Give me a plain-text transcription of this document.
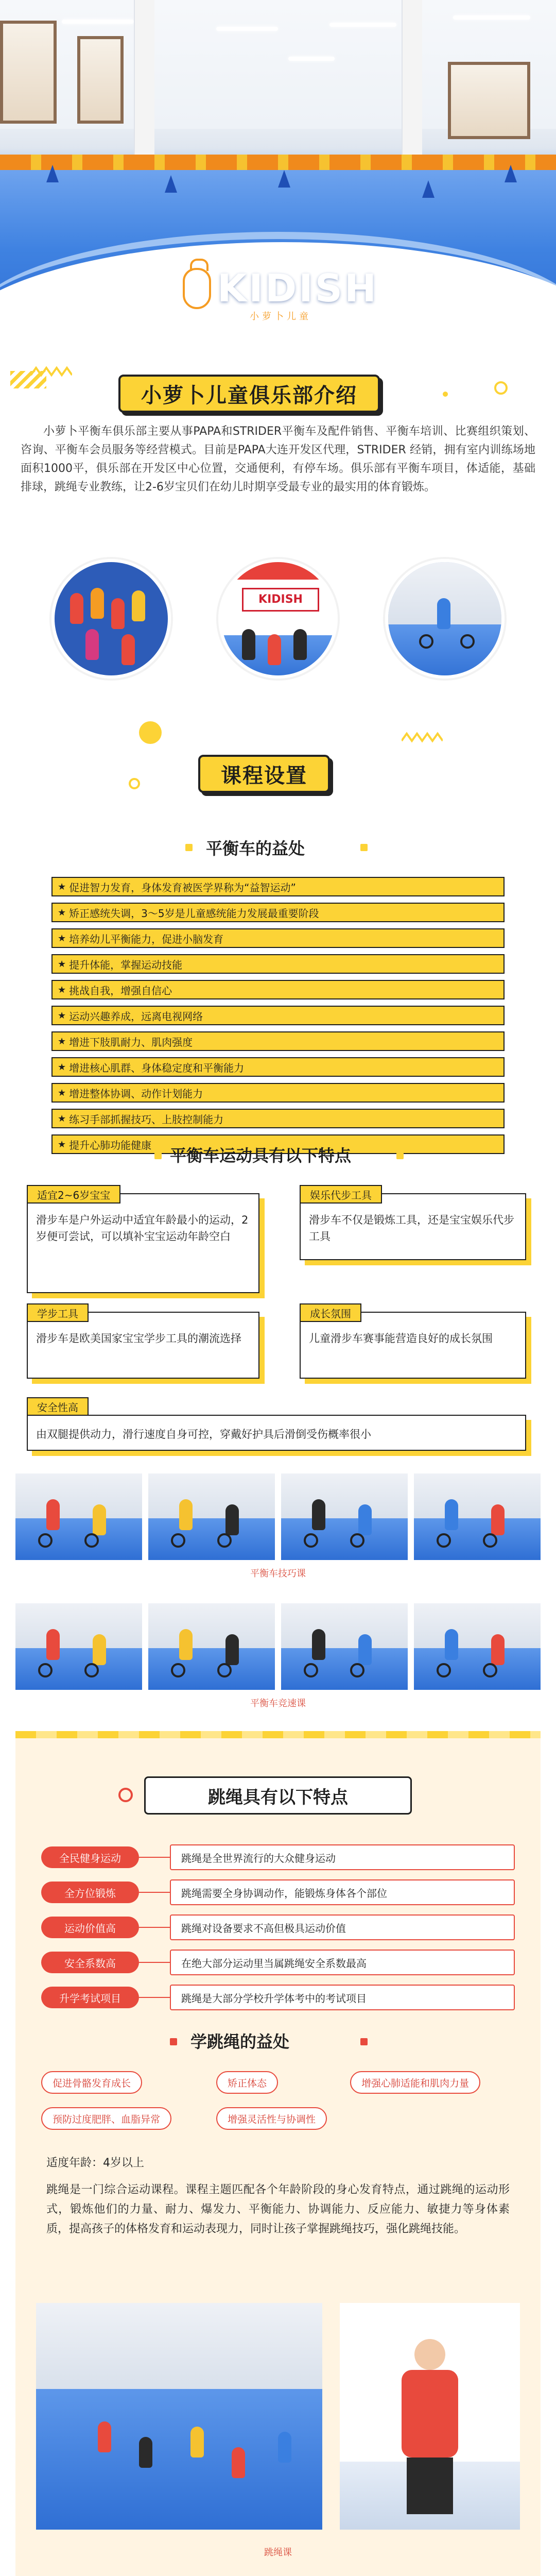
KIDISH
小萝卜儿童
小萝卜儿童俱乐部介绍
小萝卜平衡车俱乐部主要从事PAPA和STRIDER平衡车及配件销售、平衡车培训、比赛组织策划、咨询、平衡车会员服务等经营模式。目前是PAPA大连开发区代理，STRIDER 经销，拥有室内训练场地面积1000平，俱乐部在开发区中心位置，交通便利，有停车场。俱乐部有平衡车项目，体适能，基础排球，跳绳专业教练，让2-6岁宝贝们在幼儿时期享受最专业的最实用的体育锻炼。
KIDISH
课程设置
平衡车的益处
★ 促进智力发育，身体发育被医学界称为“益智运动”
★ 矫正感统失调，3～5岁是儿童感统能力发展最重要阶段
★ 培养幼儿平衡能力，促进小脑发育
★ 提升体能，掌握运动技能
★ 挑战自我，增强自信心
★ 运动兴趣养成，远离电视网络
★ 增进下肢肌耐力、肌肉强度
★ 增进核心肌群、身体稳定度和平衡能力
★ 增进整体协调、动作计划能力
★ 练习手部抓握技巧、上肢控制能力
★ 提升心肺功能健康
平衡车运动具有以下特点
滑步车是户外运动中适宜年龄最小的运动，2岁便可尝试，可以填补宝宝运动年龄空白
适宜2~6岁宝宝
滑步车不仅是锻炼工具，还是宝宝娱乐代步工具
娱乐代步工具
滑步车是欧美国家宝宝学步工具的潮流选择
学步工具
儿童滑步车赛事能营造良好的成长氛围
成长氛围
由双腿提供动力，滑行速度自身可控，穿戴好护具后滑倒受伤概率很小
安全性高
平衡车技巧课
平衡车竞速课
跳绳具有以下特点
全民健身运动	跳绳是全世界流行的大众健身运动
全方位锻炼	跳绳需要全身协调动作，能锻炼身体各个部位
运动价值高	跳绳对设备要求不高但极具运动价值
安全系数高	在绝大部分运动里当属跳绳安全系数最高
升学考试项目	跳绳是大部分学校升学体考中的考试项目
学跳绳的益处
促进骨骼发育成长	矫正体态	增强心肺适能和肌肉力量
预防过度肥胖、血脂异常	增强灵活性与协调性
适度年龄：4岁以上
跳绳是一门综合运动课程。课程主题匹配各个年龄阶段的身心发育特点，通过跳绳的运动形式，锻炼他们的力量、耐力、爆发力、平衡能力、协调能力、反应能力、敏捷力等身体素质，提高孩子的体格发育和运动表现力，同时让孩子掌握跳绳技巧，强化跳绳技能。
跳绳课
